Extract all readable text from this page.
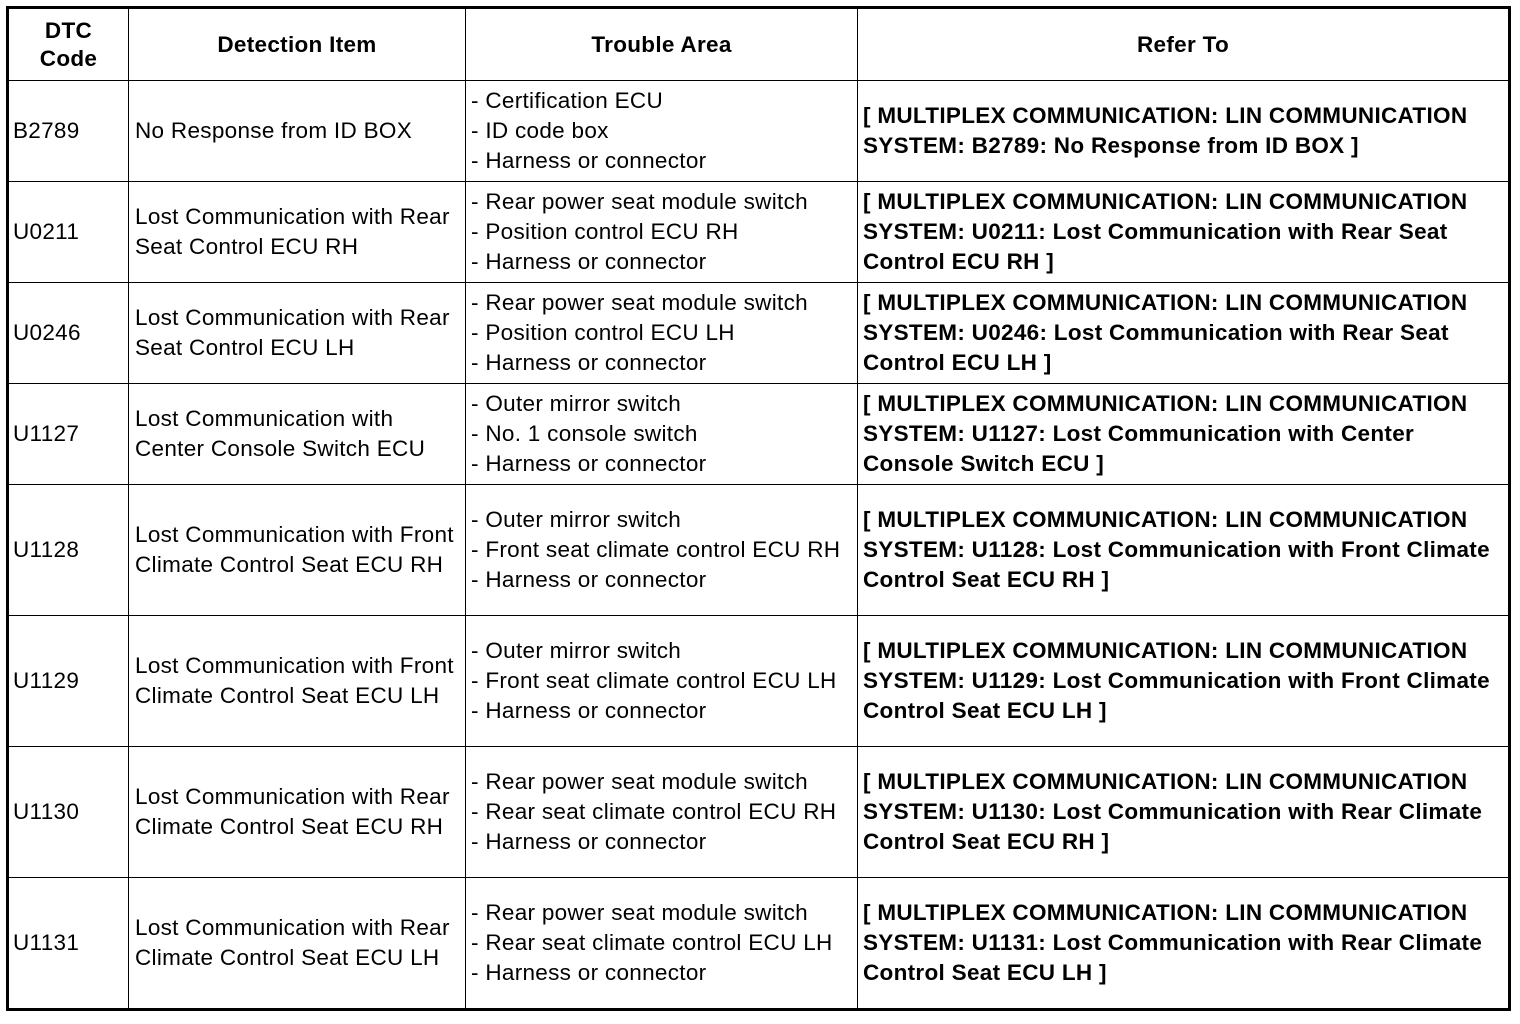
DTC Code	Detection Item	Trouble Area	Refer To
B2789	No Response from ID BOX	- Certification ECU
- ID code box
- Harness or connector	[ MULTIPLEX COMMUNICATION: LIN COMMUNICATION SYSTEM: B2789: No Response from ID BOX ]
U0211	Lost Communication with Rear Seat Control ECU RH	- Rear power seat module switch
- Position control ECU RH
- Harness or connector	[ MULTIPLEX COMMUNICATION: LIN COMMUNICATION SYSTEM: U0211: Lost Communication with Rear Seat Control ECU RH ]
U0246	Lost Communication with Rear Seat Control ECU LH	- Rear power seat module switch
- Position control ECU LH
- Harness or connector	[ MULTIPLEX COMMUNICATION: LIN COMMUNICATION SYSTEM: U0246: Lost Communication with Rear Seat Control ECU LH ]
U1127	Lost Communication with Center Console Switch ECU	- Outer mirror switch
- No. 1 console switch
- Harness or connector	[ MULTIPLEX COMMUNICATION: LIN COMMUNICATION SYSTEM: U1127: Lost Communication with Center Console Switch ECU ]
U1128	Lost Communication with Front Climate Control Seat ECU RH	- Outer mirror switch
- Front seat climate control ECU RH
- Harness or connector	[ MULTIPLEX COMMUNICATION: LIN COMMUNICATION SYSTEM: U1128: Lost Communication with Front Climate Control Seat ECU RH ]
U1129	Lost Communication with Front Climate Control Seat ECU LH	- Outer mirror switch
- Front seat climate control ECU LH
- Harness or connector	[ MULTIPLEX COMMUNICATION: LIN COMMUNICATION SYSTEM: U1129: Lost Communication with Front Climate Control Seat ECU LH ]
U1130	Lost Communication with Rear Climate Control Seat ECU RH	- Rear power seat module switch
- Rear seat climate control ECU RH
- Harness or connector	[ MULTIPLEX COMMUNICATION: LIN COMMUNICATION SYSTEM: U1130: Lost Communication with Rear Climate Control Seat ECU RH ]
U1131	Lost Communication with Rear Climate Control Seat ECU LH	- Rear power seat module switch
- Rear seat climate control ECU LH
- Harness or connector	[ MULTIPLEX COMMUNICATION: LIN COMMUNICATION SYSTEM: U1131: Lost Communication with Rear Climate Control Seat ECU LH ]
